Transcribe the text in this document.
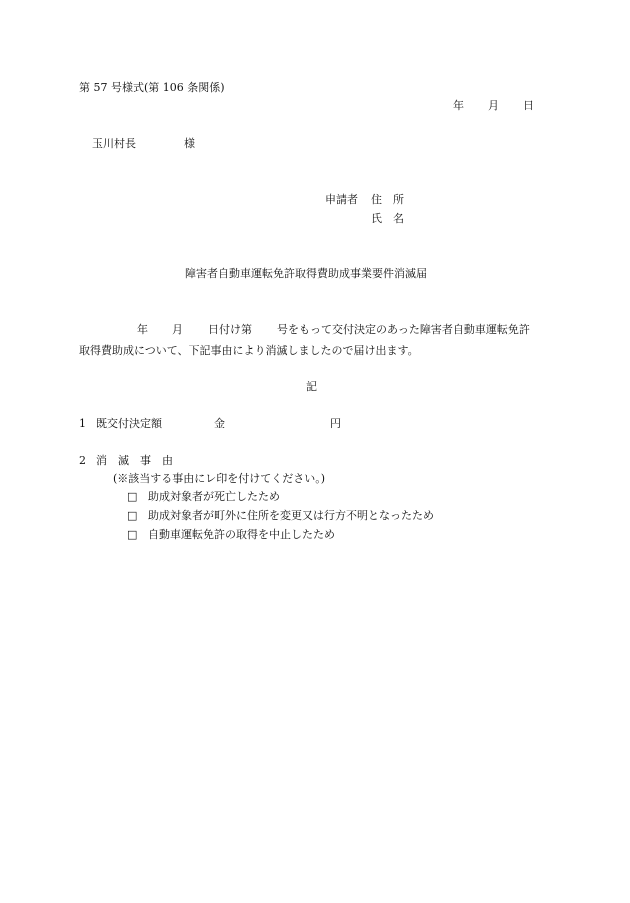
第 57 号様式(第 106 条関係)
年 月 日
玉川村長	様
申請者 住　所
氏　名
障害者自動車運転免許取得費助成事業要件消滅届
年 月 日付け第 号をもって交付決定のあった障害者自動車運転免許
取得費助成について、下記事由により消滅しましたので届け出ます。
記
1 既交付決定額	金	円
2 消　滅　事　由
(※該当する事由にレ印を付けてください。)
□ 助成対象者が死亡したため
□ 助成対象者が町外に住所を変更又は行方不明となったため
□ 自動車運転免許の取得を中止したため
